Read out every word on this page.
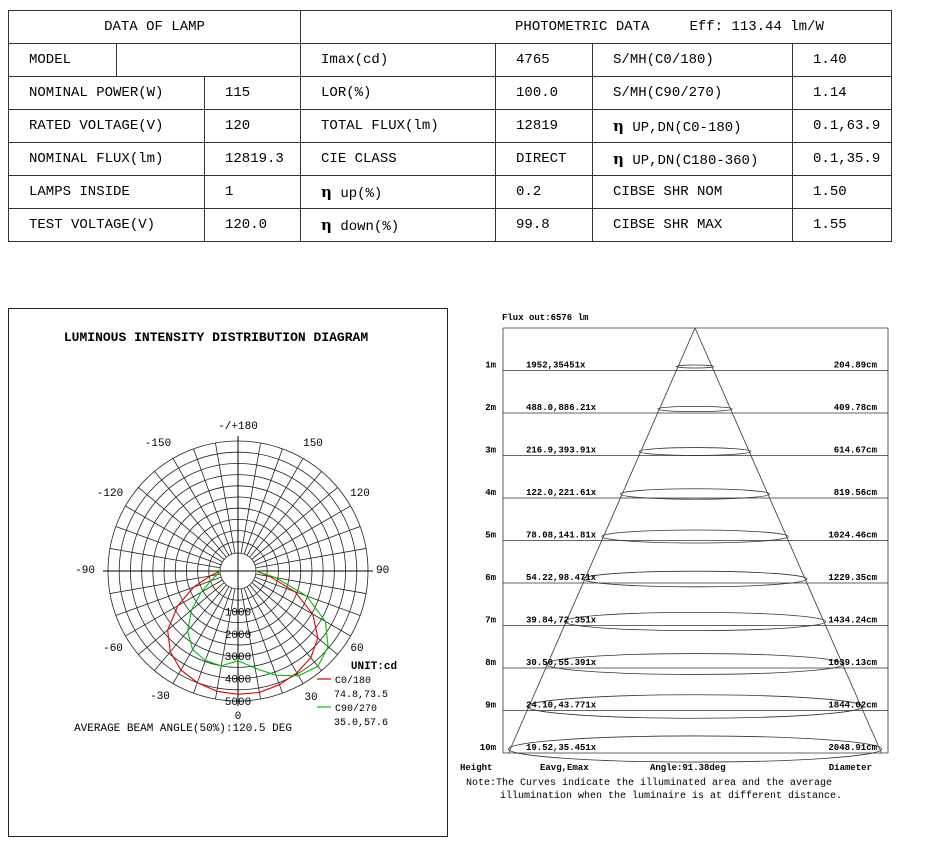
DATA OF LAMP			PHOTOMETRIC DATA Eff: 113.44 lm/W			
MODEL			Imax(cd)	4765	S/MH(C0/180)	1.40
NOMINAL POWER(W)		115	LOR(%)	100.0	S/MH(C90/270)	1.14
RATED VOLTAGE(V)		120	TOTAL FLUX(lm)	12819	η UP,DN(C0-180)	0.1,63.9
NOMINAL FLUX(lm)		12819.3	CIE CLASS	DIRECT	η UP,DN(C180-360)	0.1,35.9
LAMPS INSIDE		1	η up(%)	0.2	CIBSE SHR NOM	1.50
TEST VOLTAGE(V)		120.0	η down(%)	99.8	CIBSE SHR MAX	1.55
LUMINOUS INTENSITY DISTRIBUTION DIAGRAM
-/+180
-150	150
-120	120
-90	90
-60	60
-30	30
0
1000
2000
3000
4000
5000
UNIT:cd
C0/180
74.8,73.5
C90/270
35.0,57.6
AVERAGE BEAM ANGLE(50%):120.5 DEG
Flux out:6576 lm
1m	1952,35451x	204.89cm
2m	488.0,886.21x	409.78cm
3m	216.9,393.91x	614.67cm
4m	122.0,221.61x	819.56cm
5m	78.08,141.81x	1024.46cm
6m	54.22,98.471x	1229.35cm
7m	39.84,72.351x	1434.24cm
8m	30.50,55.391x	1639.13cm
9m	24.10,43.771x	1844.02cm
10m	19.52,35.451x	2048.91cm
Height	Eavg,Emax	Angle:91.38deg	Diameter
Note:The Curves indicate the illuminated area and the average
illumination when the luminaire is at different distance.
